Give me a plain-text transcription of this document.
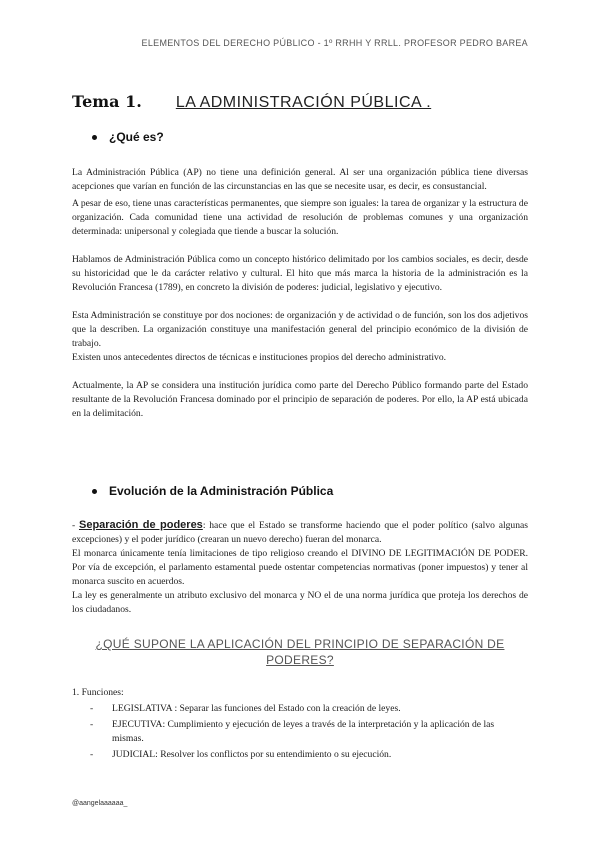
ELEMENTOS DEL DERECHO PÚBLICO - 1º RRHH Y RRLL. PROFESOR PEDRO BAREA
Tema 1. LA ADMINISTRACIÓN PÚBLICA .
¿Qué es?

La Administración Pública (AP) no tiene una definición general. Al ser una organización pública tiene diversas acepciones que varían en función de las circunstancias en las que se necesite usar, es decir, es consustancial.

A pesar de eso, tiene unas características permanentes, que siempre son iguales: la tarea de organizar y la estructura de organización. Cada comunidad tiene una actividad de resolución de problemas comunes y una organización determinada: unipersonal y colegiada que tiende a buscar la solución.

Hablamos de Administración Pública como un concepto histórico delimitado por los cambios sociales, es decir, desde su historicidad que le da carácter relativo y cultural. El hito que más marca la historia de la administración es la Revolución Francesa (1789), en concreto la división de poderes: judicial, legislativo y ejecutivo.

Esta Administración se constituye por dos nociones: de organización y de actividad o de función, son los dos adjetivos que la describen. La organización constituye una manifestación general del principio económico de la división de trabajo.

Existen unos antecedentes directos de técnicas e instituciones propios del derecho administrativo.

Actualmente, la AP se considera una institución jurídica como parte del Derecho Público formando parte del Estado resultante de la Revolución Francesa dominado por el principio de separación de poderes. Por ello, la AP está ubicada en la delimitación.

Evolución de la Administración Pública

- Separación de poderes: hace que el Estado se transforme haciendo que el poder político (salvo algunas excepciones) y el poder jurídico (crearan un nuevo derecho) fueran del monarca.

El monarca únicamente tenía limitaciones de tipo religioso creando el DIVINO DE LEGITIMACIÓN DE PODER. Por vía de excepción, el parlamento estamental puede ostentar competencias normativas (poner impuestos) y tener al monarca suscito en acuerdos.

La ley es generalmente un atributo exclusivo del monarca y NO el de una norma jurídica que proteja los derechos de los ciudadanos.

¿QUÉ SUPONE LA APLICACIÓN DEL PRINCIPIO DE SEPARACIÓN DE PODERES?
1. Funciones:
- LEGISLATIVA : Separar las funciones del Estado con la creación de leyes.
- EJECUTIVA: Cumplimiento y ejecución de leyes a través de la interpretación y la aplicación de las mismas.
- JUDICIAL: Resolver los conflictos por su entendimiento o su ejecución.
@aangelaaaaaa_
